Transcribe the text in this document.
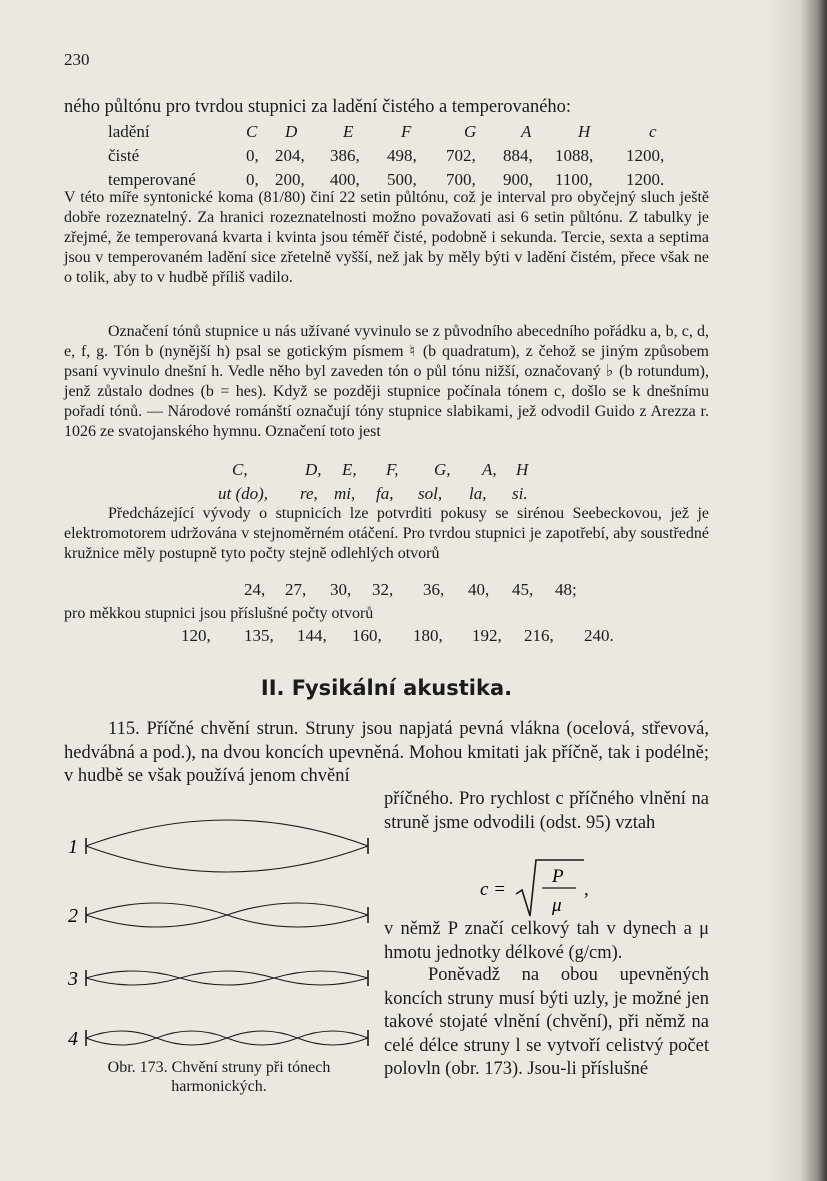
230
ného půltónu pro tvrdou stupnici za ladění čistého a temperovaného:
ladění	C D	E	F	G	A	H	c
čisté	0, 204, 386, 498, 702, 884, 1088, 1200,
temperované	0, 200, 400, 500, 700, 900, 1100, 1200.
V této míře syntonické koma (81/80) činí 22 setin půltónu, což je interval pro obyčejný sluch ještě dobře rozeznatelný. Za hranici rozeznatelnosti možno považovati asi 6 setin půltónu. Z tabulky je zřejmé, že temperovaná kvarta i kvinta jsou téměř čisté, podobně i sekunda. Tercie, sexta a septima jsou v temperovaném ladění sice zřetelně vyšší, než jak by měly býti v ladění čistém, přece však ne o tolik, aby to v hudbě příliš vadilo.
Označení tónů stupnice u nás užívané vyvinulo se z původního abecedního pořádku a, b, c, d, e, f, g. Tón b (nynější h) psal se gotickým písmem ♮ (b quadratum), z čehož se jiným způsobem psaní vyvinulo dnešní h. Vedle něho byl zaveden tón o půl tónu nižší, označovaný ♭ (b rotundum), jenž zůstalo dodnes (b = hes). Když se později stupnice počínala tónem c, došlo se k dnešnímu pořadí tónů. — Národové románští označují tóny stupnice slabikami, jež odvodil Guido z Arezza r. 1026 ze svatojanského hymnu. Označení toto jest
C,	D, E, F, G, A, H
ut (do), re, mi, fa, sol, la, si.
Předcházející vývody o stupnicích lze potvrditi pokusy se sirénou Seebeckovou, jež je elektromotorem udržována v stejnoměrném otáčení. Pro tvrdou stupnici je zapotřebí, aby soustředné kružnice měly postupně tyto počty stejně odlehlých otvorů
24, 27, 30, 32, 36, 40, 45, 48;
pro měkkou stupnici jsou příslušné počty otvorů
120, 135, 144, 160, 180, 192, 216, 240.
II. Fysikální akustika.
115. Příčné chvění strun. Struny jsou napjatá pevná vlákna (ocelová, střevová, hedvábná a pod.), na dvou koncích upevněná. Mohou kmitati jak příčně, tak i podélně; v hudbě se však používá jenom chvění
příčného. Pro rychlost c příčného vlnění na struně jsme odvodili (odst. 95) vztah
c =
P
μ
,
v němž P značí celkový tah v dynech a μ hmotu jednotky délkové (g/cm).
Poněvadž na obou upevněných koncích struny musí býti uzly, je možné jen takové stojaté vlnění (chvění), při němž na celé délce struny l se vytvoří celistvý počet polovln (obr. 173). Jsou-li příslušné
1
2
3
4
Obr. 173. Chvění struny při tónech harmonických.
